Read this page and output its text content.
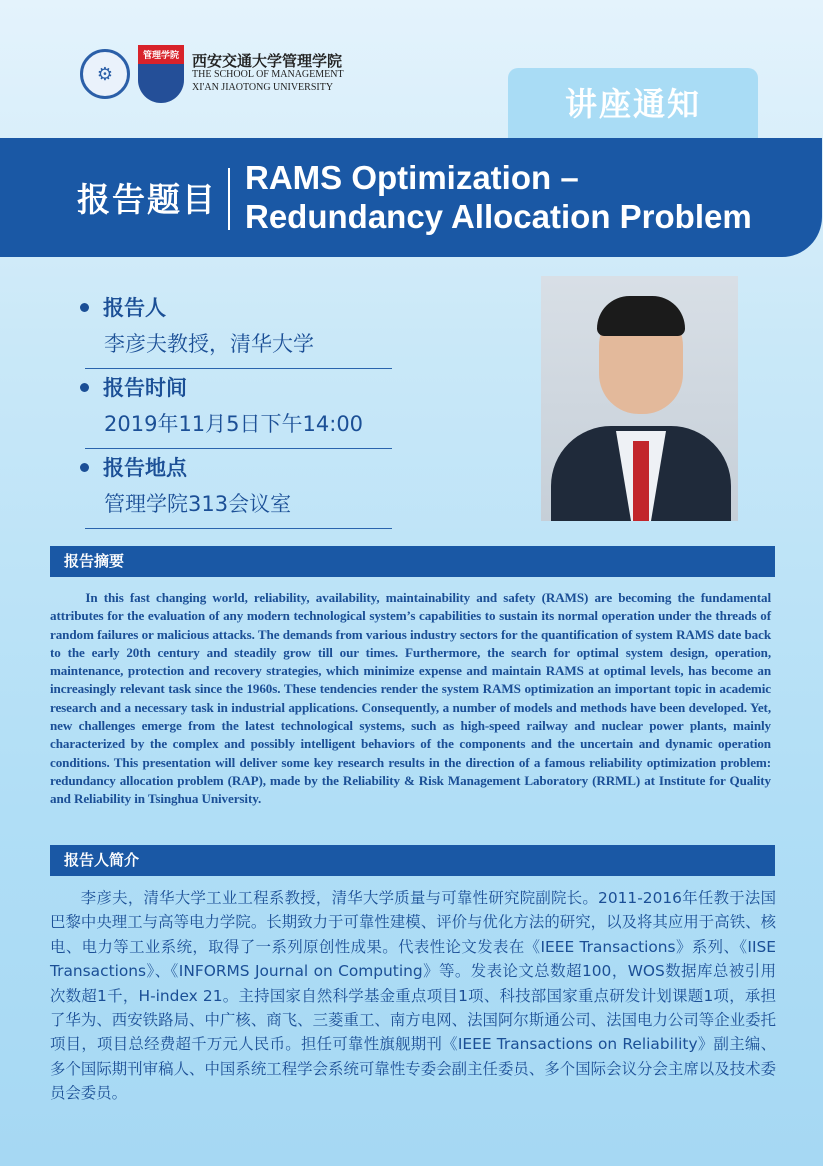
⚙
管理学院 西安交通大学管理学院
THE SCHOOL OF MANAGEMENT
XI'AN JIAOTONG UNIVERSITY	讲座通知
报告题目
RAMS Optimization –
Redundancy Allocation Problem
报告人
李彦夫教授，清华大学
报告时间
2019年11月5日下午14:00
报告地点
管理学院313会议室
报告摘要
In this fast changing world, reliability, availability, maintainability and safety (RAMS) are becoming the fundamental attributes for the evaluation of any modern technological system’s capabilities to sustain its normal operation under the threads of random failures or malicious attacks. The demands from various industry sectors for the quantification of system RAMS date back to the early 20th century and steadily grow till our times. Furthermore, the search for optimal system design, operation, maintenance, protection and recovery strategies, which minimize expense and maintain RAMS at optimal levels, has become an increasingly relevant task since the 1960s. These tendencies render the system RAMS optimization an important topic in academic research and a necessary task in industrial applications. Consequently, a number of models and methods have been developed. Yet, new challenges emerge from the latest technological systems, such as high-speed railway and nuclear power plants, mainly characterized by the complex and possibly intelligent behaviors of the components and the uncertain and dynamic operation conditions. This presentation will deliver some key research results in the direction of a famous reliability optimization problem: redundancy allocation problem (RAP), made by the Reliability & Risk Management Laboratory (RRML) at Institute for Quality and Reliability in Tsinghua University.
报告人简介
李彦夫，清华大学工业工程系教授，清华大学质量与可靠性研究院副院长。2011-2016年任教于法国巴黎中央理工与高等电力学院。长期致力于可靠性建模、评价与优化方法的研究，以及将其应用于高铁、核电、电力等工业系统，取得了一系列原创性成果。代表性论文发表在《IEEE Transactions》系列、《IISE Transactions》、《INFORMS Journal on Computing》等。发表论文总数超100，WOS数据库总被引用次数超1千，H-index 21。主持国家自然科学基金重点项目1项、科技部国家重点研发计划课题1项，承担了华为、西安铁路局、中广核、商飞、三菱重工、南方电网、法国阿尔斯通公司、法国电力公司等企业委托项目，项目总经费超千万元人民币。担任可靠性旗舰期刊《IEEE Transactions on Reliability》副主编、多个国际期刊审稿人、中国系统工程学会系统可靠性专委会副主任委员、多个国际会议分会主席以及技术委员会委员。
